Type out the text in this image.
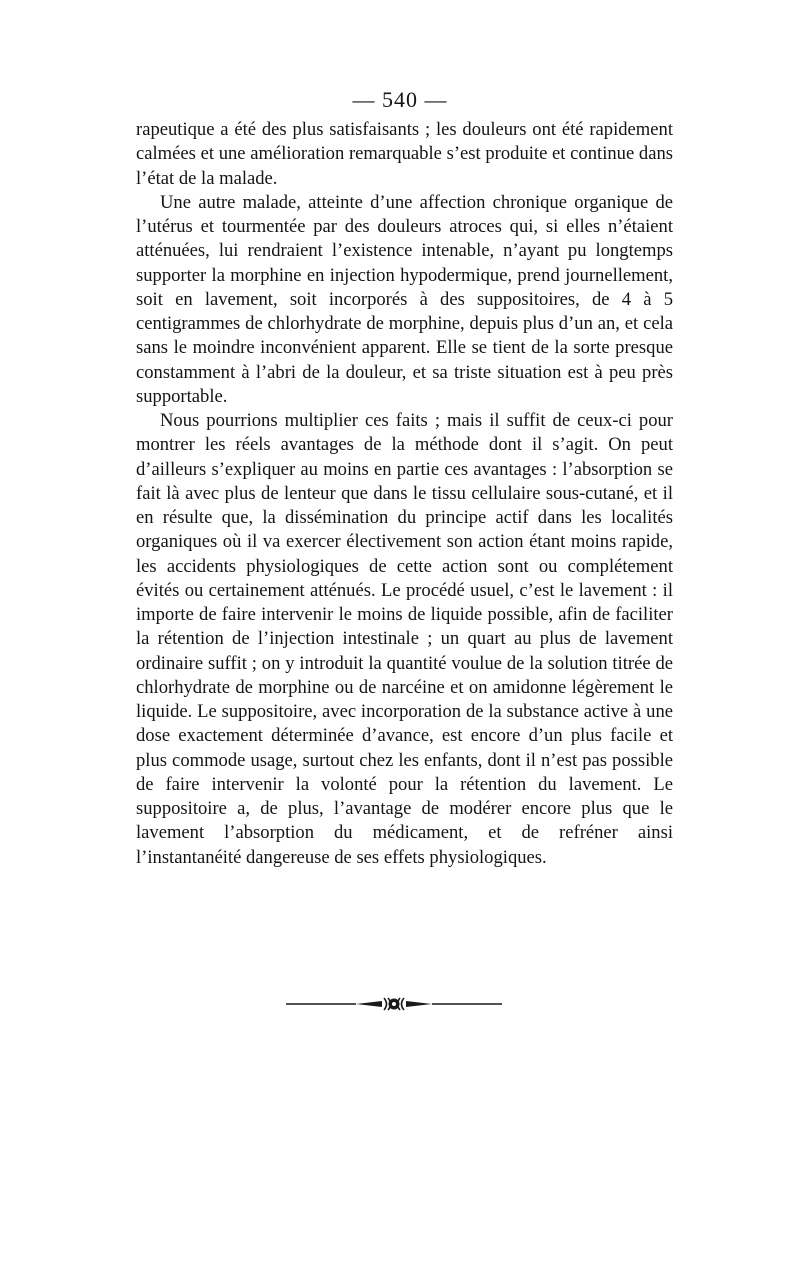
— 540 —

rapeutique a été des plus satisfaisants ; les douleurs ont été rapidement calmées et une amélioration remarquable s’est produite et continue dans l’état de la malade.

Une autre malade, atteinte d’une affection chronique organique de l’utérus et tourmentée par des douleurs atroces qui, si elles n’étaient atténuées, lui rendraient l’existence intenable, n’ayant pu longtemps supporter la morphine en injection hypodermique, prend journellement, soit en lavement, soit incorporés à des suppositoires, de 4 à 5 centigrammes de chlorhydrate de morphine, depuis plus d’un an, et cela sans le moindre inconvénient apparent. Elle se tient de la sorte presque constamment à l’abri de la douleur, et sa triste situation est à peu près supportable.

Nous pourrions multiplier ces faits ; mais il suffit de ceux-ci pour montrer les réels avantages de la méthode dont il s’agit. On peut d’ailleurs s’expliquer au moins en partie ces avantages : l’absorption se fait là avec plus de lenteur que dans le tissu cellulaire sous-cutané, et il en résulte que, la dissémination du principe actif dans les localités organiques où il va exercer électivement son action étant moins rapide, les accidents physiologiques de cette action sont ou complétement évités ou certainement atténués. Le procédé usuel, c’est le lavement : il importe de faire intervenir le moins de liquide possible, afin de faciliter la rétention de l’injection intestinale ; un quart au plus de lavement ordinaire suffit ; on y introduit la quantité voulue de la solution titrée de chlorhydrate de morphine ou de narcéine et on amidonne légèrement le liquide. Le suppositoire, avec incorporation de la substance active à une dose exactement déterminée d’avance, est encore d’un plus facile et plus commode usage, surtout chez les enfants, dont il n’est pas possible de faire intervenir la volonté pour la rétention du lavement. Le suppositoire a, de plus, l’avantage de modérer encore plus que le lavement l’absorption du médicament, et de refréner ainsi l’instantanéité dangereuse de ses effets physiologiques.
